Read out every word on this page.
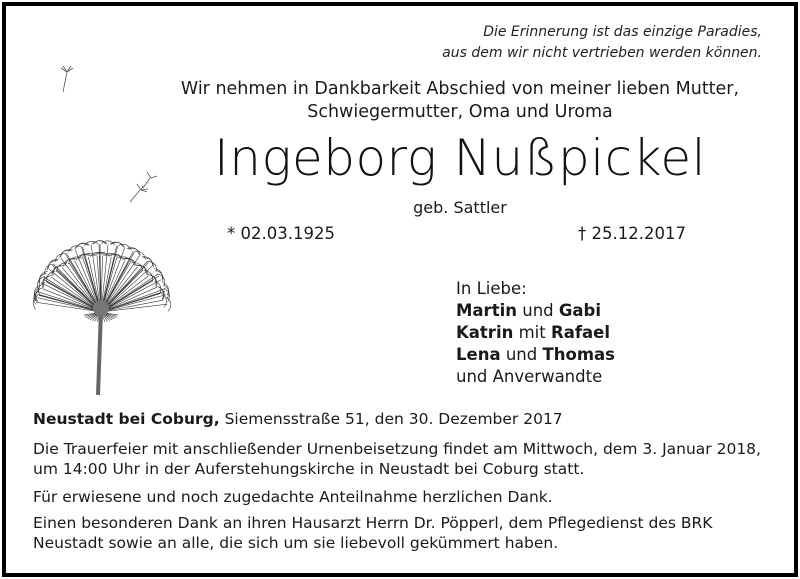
Die Erinnerung ist das einzige Paradies,
aus dem wir nicht vertrieben werden können.
Wir nehmen in Dankbarkeit Abschied von meiner lieben Mutter,
Schwiegermutter, Oma und Uroma
Ingeborg Nußpickel
geb. Sattler
* 02.03.1925	† 25.12.2017
In Liebe:
Martin und Gabi
Katrin mit Rafael
Lena und Thomas
und Anverwandte
Neustadt bei Coburg, Siemensstraße 51, den 30. Dezember 2017
Die Trauerfeier mit anschließender Urnenbeisetzung findet am Mittwoch, dem 3. Januar 2018,
um 14:00 Uhr in der Auferstehungskirche in Neustadt bei Coburg statt.
Für erwiesene und noch zugedachte Anteilnahme herzlichen Dank.
Einen besonderen Dank an ihren Hausarzt Herrn Dr. Pöpperl, dem Pflegedienst des BRK
Neustadt sowie an alle, die sich um sie liebevoll gekümmert haben.
